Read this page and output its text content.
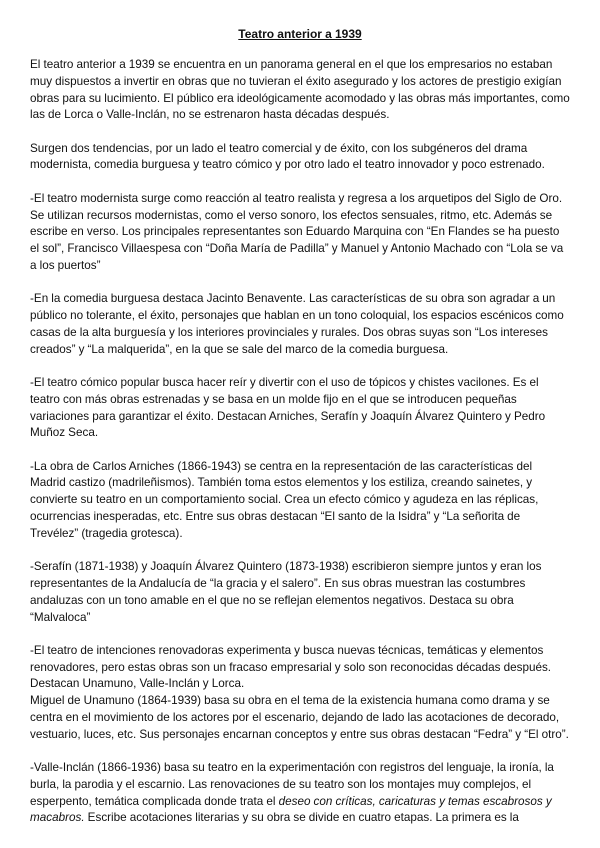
Teatro anterior a 1939

El teatro anterior a 1939 se encuentra en un panorama general en el que los empresarios no estaban muy dispuestos a invertir en obras que no tuvieran el éxito asegurado y los actores de prestigio exigían obras para su lucimiento. El público era ideológicamente acomodado y las obras más importantes, como las de Lorca o Valle-Inclán, no se estrenaron hasta décadas después.

Surgen dos tendencias, por un lado el teatro comercial y de éxito, con los subgéneros del drama modernista, comedia burguesa y teatro cómico y por otro lado el teatro innovador y poco estrenado.

-El teatro modernista surge como reacción al teatro realista y regresa a los arquetipos del Siglo de Oro. Se utilizan recursos modernistas, como el verso sonoro, los efectos sensuales, ritmo, etc. Además se escribe en verso. Los principales representantes son Eduardo Marquina con “En Flandes se ha puesto el sol”, Francisco Villaespesa con “Doña María de Padilla” y Manuel y Antonio Machado con “Lola se va a los puertos”

-En la comedia burguesa destaca Jacinto Benavente. Las características de su obra son agradar a un público no tolerante, el éxito, personajes que hablan en un tono coloquial, los espacios escénicos como casas de la alta burguesía y los interiores provinciales y rurales. Dos obras suyas son “Los intereses creados” y “La malquerida”, en la que se sale del marco de la comedia burguesa.

-El teatro cómico popular busca hacer reír y divertir con el uso de tópicos y chistes vacilones. Es el teatro con más obras estrenadas y se basa en un molde fijo en el que se introducen pequeñas variaciones para garantizar el éxito. Destacan Arniches, Serafín y Joaquín Álvarez Quintero y Pedro Muñoz Seca.

-La obra de Carlos Arniches (1866-1943) se centra en la representación de las características del Madrid castizo (madrileñismos). También toma estos elementos y los estiliza, creando sainetes, y convierte su teatro en un comportamiento social. Crea un efecto cómico y agudeza en las réplicas, ocurrencias inesperadas, etc. Entre sus obras destacan “El santo de la Isidra” y “La señorita de Trevélez” (tragedia grotesca).

-Serafín (1871-1938) y Joaquín Álvarez Quintero (1873-1938) escribieron siempre juntos y eran los representantes de la Andalucía de “la gracia y el salero”. En sus obras muestran las costumbres andaluzas con un tono amable en el que no se reflejan elementos negativos. Destaca su obra “Malvaloca”

-El teatro de intenciones renovadoras experimenta y busca nuevas técnicas, temáticas y elementos renovadores, pero estas obras son un fracaso empresarial y solo son reconocidas décadas después. Destacan Unamuno, Valle-Inclán y Lorca.

Miguel de Unamuno (1864-1939) basa su obra en el tema de la existencia humana como drama y se centra en el movimiento de los actores por el escenario, dejando de lado las acotaciones de decorado, vestuario, luces, etc. Sus personajes encarnan conceptos y entre sus obras destacan “Fedra” y “El otro”.

-Valle-Inclán (1866-1936) basa su teatro en la experimentación con registros del lenguaje, la ironía, la burla, la parodia y el escarnio. Las renovaciones de su teatro son los montajes muy complejos, el esperpento, temática complicada donde trata el deseo con críticas, caricaturas y temas escabrosos y macabros. Escribe acotaciones literarias y su obra se divide en cuatro etapas. La primera es la
